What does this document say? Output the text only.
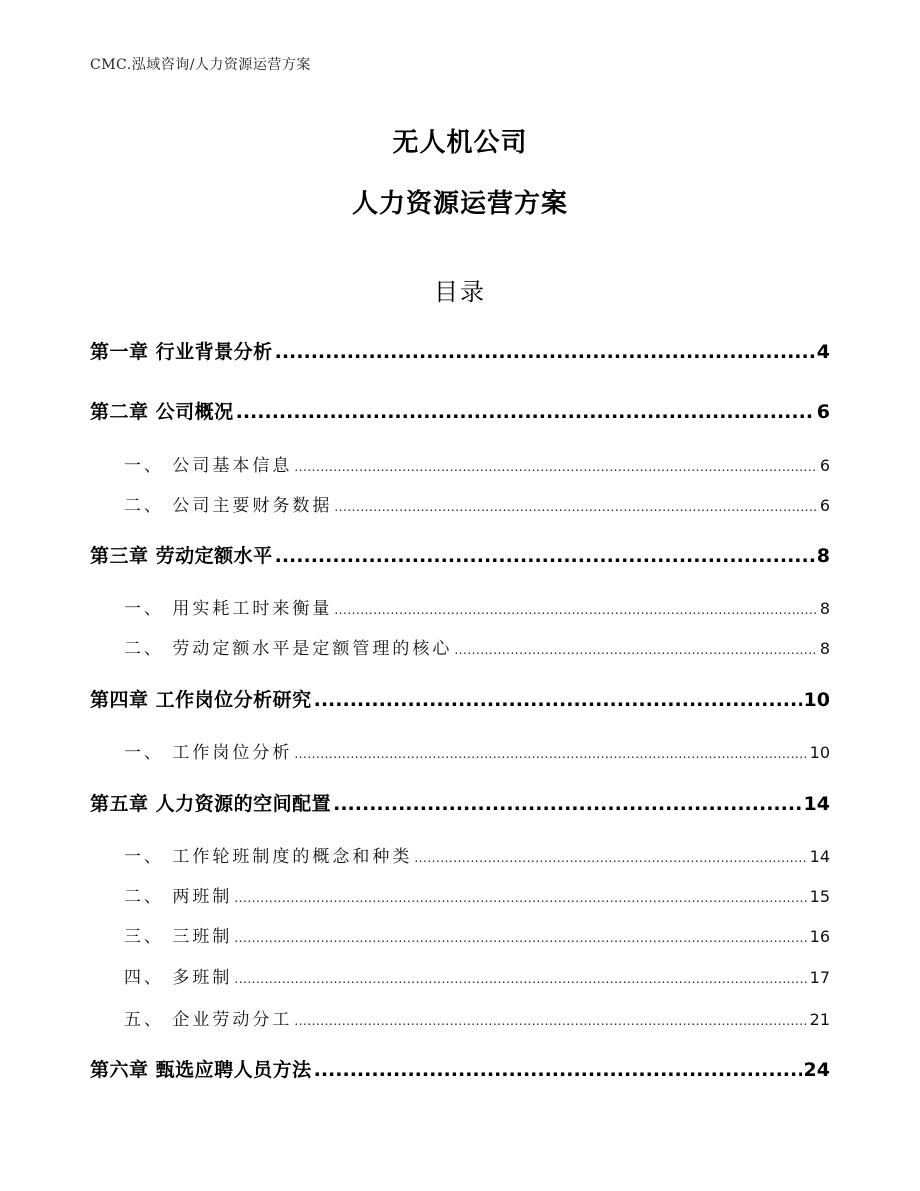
CMC.泓域咨询/人力资源运营方案
无人机公司
人力资源运营方案
目录
第一章 行业背景分析 .....	4
第二章 公司概况 .....	6
一、 公司基本信息 .....	6
二、 公司主要财务数据 .....	6
第三章 劳动定额水平 .....	8
一、 用实耗工时来衡量 .....	8
二、 劳动定额水平是定额管理的核心 .....	8
第四章 工作岗位分析研究 .....	10
一、 工作岗位分析 .....	10
第五章 人力资源的空间配置 .....	14
一、 工作轮班制度的概念和种类 .....	14
二、 两班制 .....	15
三、 三班制 .....	16
四、 多班制 .....	17
五、 企业劳动分工 .....	21
第六章 甄选应聘人员方法 .....	24
